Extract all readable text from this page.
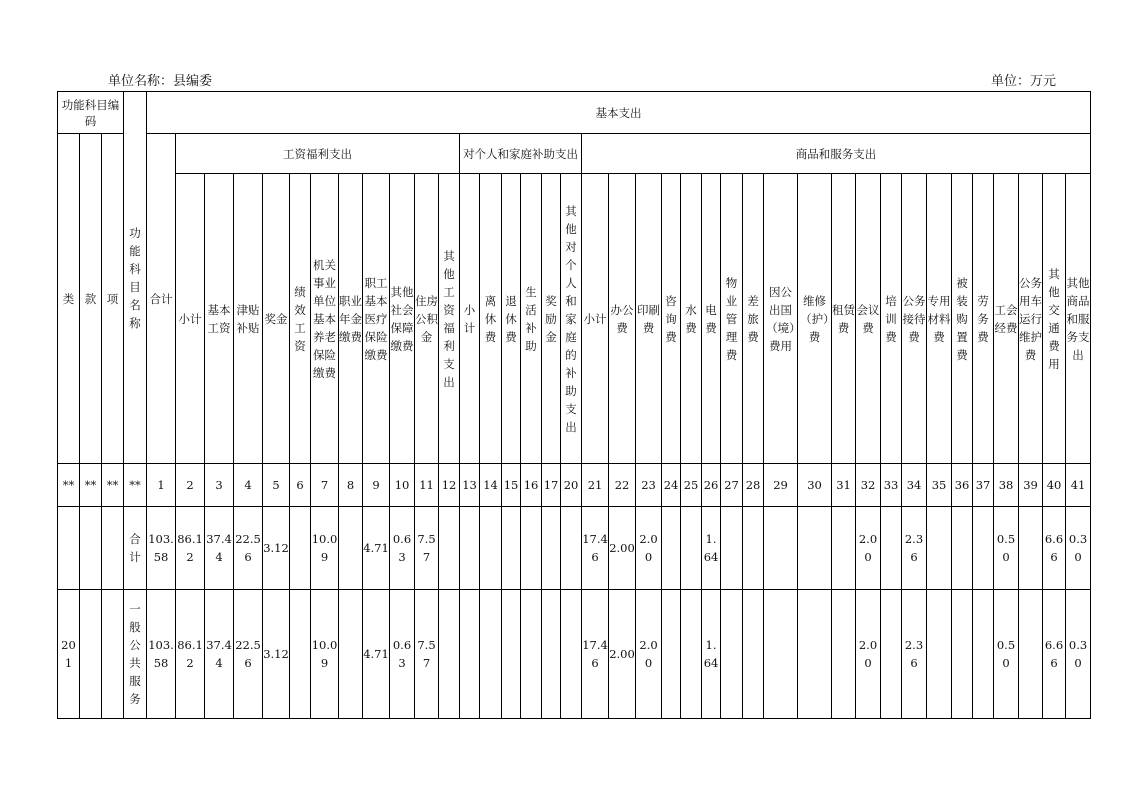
单位名称：县编委	单位：万元
功能科目编码			功能科目名称	基本支出																																						
类	款	项		合计	工资福利支出											对个人和家庭补助支出						商品和服务支出																				
					小计	基本工资	津贴补贴	奖金	绩效工资	机关事业单位基本养老保险缴费	职业年金缴费	职工基本医疗保险缴费	其他社会保障缴费	住房公积金	其他工资福利支出	小计	离休费	退休费	生活补助	奖励金	其他对个人和家庭的补助支出	小计	办公费	印刷费	咨询费	水费	电费	物业管理费	差旅费	因公出国（境）费用	维修（护）费	租赁费	会议费	培训费	公务接待费	专用材料费	被装购置费	劳务费	工会经费	公务用车运行维护费	其他交通费用	其他商品和服务支出
**	**	**	**	1	2	3	4	5	6	7	8	9	10	11	12	13	14	15	16	17	20	21	22	23	24	25	26	27	28	29	30	31	32	33	34	35	36	37	38	39	40	41
			合计	103.58	86.12	37.44	22.56	3.12		10.09		4.71	0.63	7.57								17.46	2.00	2.00			1.64						2.00		2.36				0.50		6.66	0.30
201			一般公共服务	103.58	86.12	37.44	22.56	3.12		10.09		4.71	0.63	7.57								17.46	2.00	2.00			1.64						2.00		2.36				0.50		6.66	0.30
